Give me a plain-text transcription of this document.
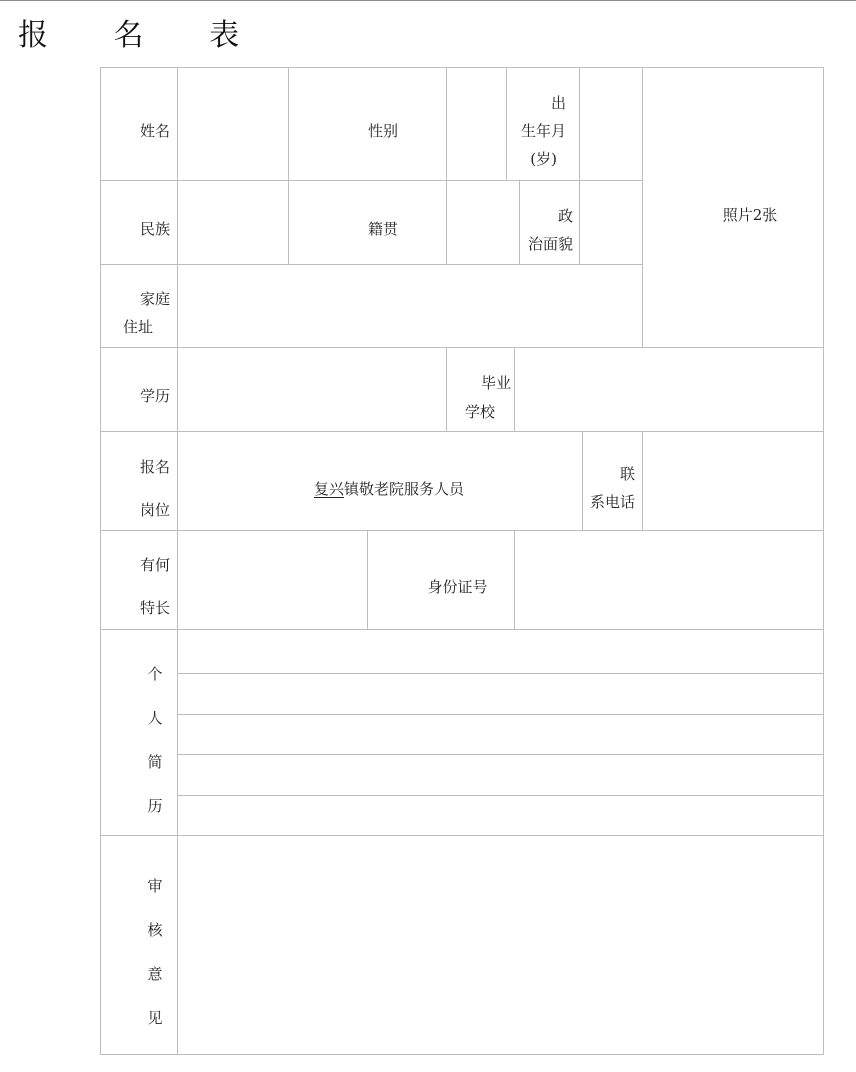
报 名 表
姓名	性别
出
生年月
(岁)
照片2张
民族	籍贯
政
治面貌
家庭
住址
学历
毕业
学校
报名
岗位
复兴镇敬老院服务人员
联
系电话
有何
特长
身份证号
个
人
简
历
审
核
意
见
